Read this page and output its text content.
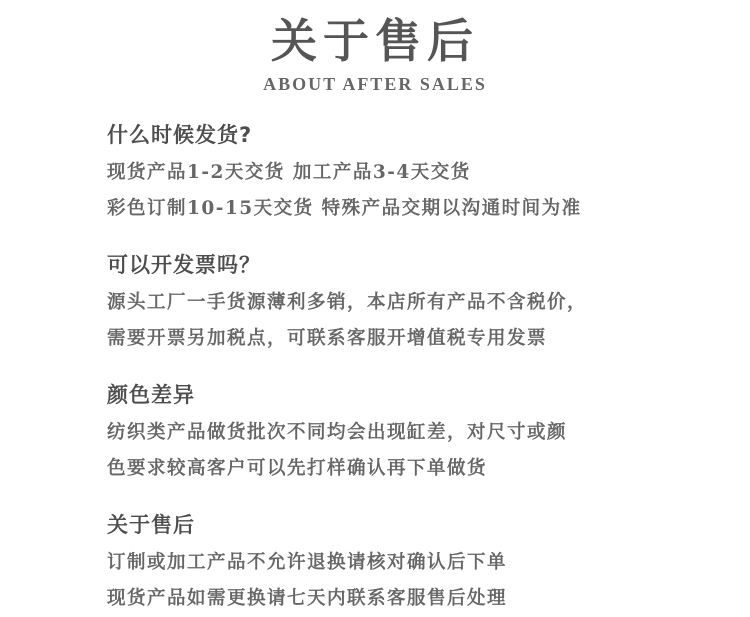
关于售后
ABOUT AFTER SALES
什么时候发货?
现货产品1-2天交货 加工产品3-4天交货
彩色订制10-15天交货 特殊产品交期以沟通时间为准
可以开发票吗？
源头工厂一手货源薄利多销，本店所有产品不含税价，
需要开票另加税点，可联系客服开增值税专用发票
颜色差异
纺织类产品做货批次不同均会出现缸差，对尺寸或颜
色要求较高客户可以先打样确认再下单做货
关于售后
订制或加工产品不允许退换请核对确认后下单
现货产品如需更换请七天内联系客服售后处理
